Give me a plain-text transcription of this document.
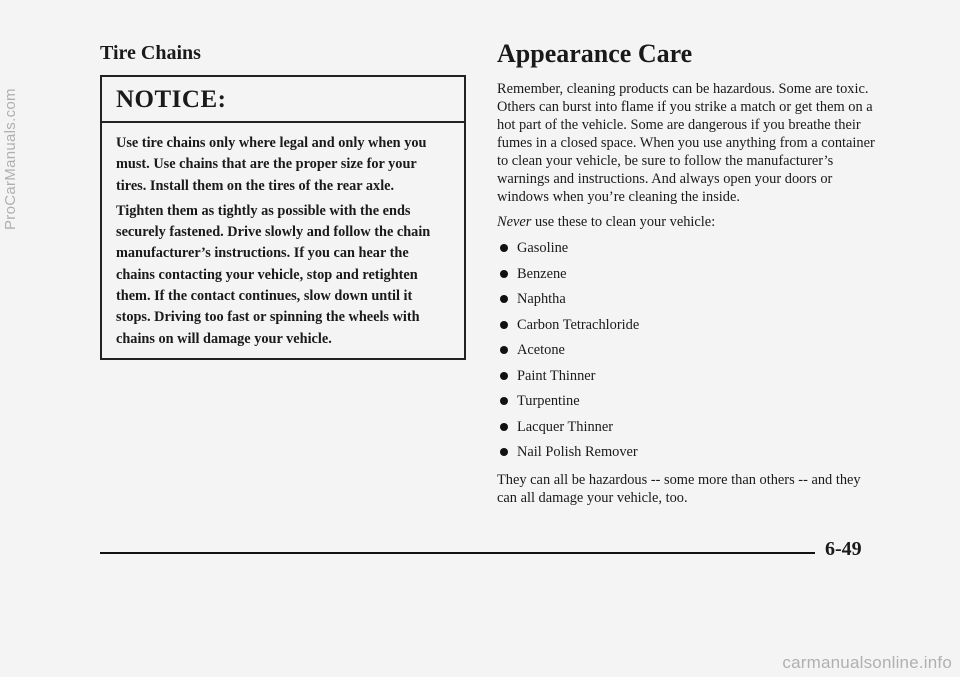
Tire Chains
NOTICE:

Use tire chains only where legal and only when you must. Use chains that are the proper size for your tires. Install them on the tires of the rear axle.

Tighten them as tightly as possible with the ends securely fastened. Drive slowly and follow the chain manufacturer’s instructions. If you can hear the chains contacting your vehicle, stop and retighten them. If the contact continues, slow down until it stops. Driving too fast or spinning the wheels with chains on will damage your vehicle.

Appearance Care

Remember, cleaning products can be hazardous. Some are toxic. Others can burst into flame if you strike a match or get them on a hot part of the vehicle. Some are dangerous if you breathe their fumes in a closed space. When you use anything from a container to clean your vehicle, be sure to follow the manufacturer’s warnings and instructions. And always open your doors or windows when you’re cleaning the inside.

Never use these to clean your vehicle:
Gasoline
Benzene
Naphtha
Carbon Tetrachloride
Acetone
Paint Thinner
Turpentine
Lacquer Thinner
Nail Polish Remover

They can all be hazardous -- some more than others -- and they can all damage your vehicle, too.

6-49
ProCarManuals.com
carmanualsonline.info
